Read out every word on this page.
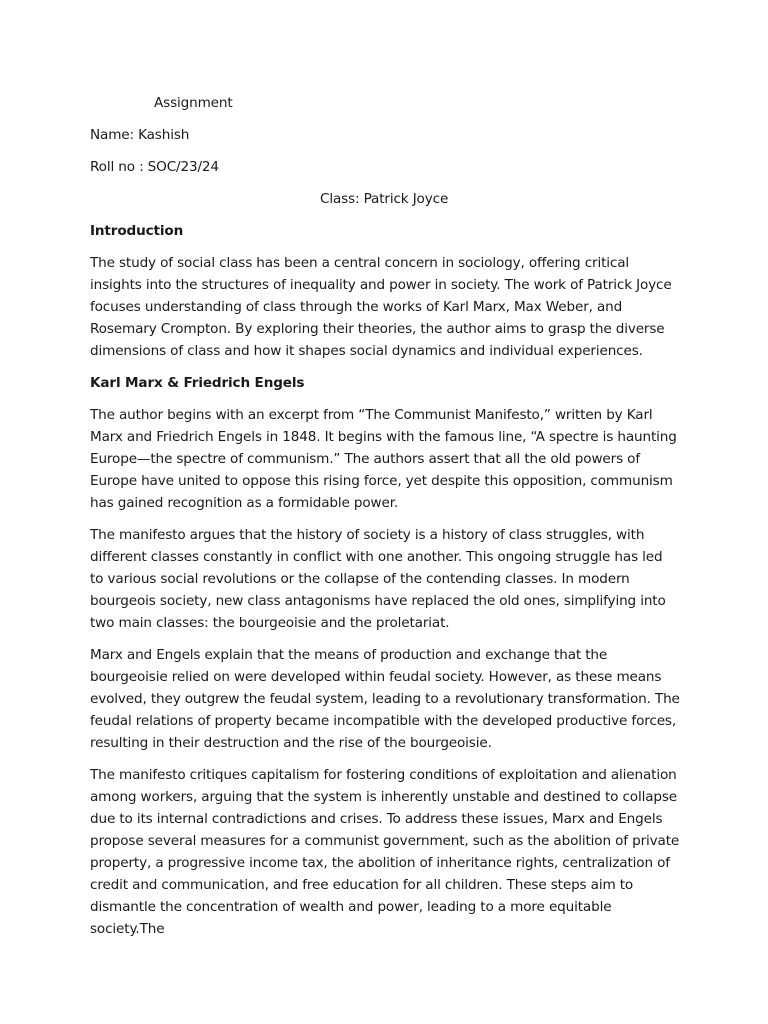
Assignment
Name: Kashish
Roll no : SOC/23/24
Class: Patrick Joyce
Introduction

The study of social class has been a central concern in sociology, offering critical insights into the structures of inequality and power in society. The work of Patrick Joyce focuses understanding of class through the works of Karl Marx, Max Weber, and Rosemary Crompton. By exploring their theories, the author aims to grasp the diverse dimensions of class and how it shapes social dynamics and individual experiences.

Karl Marx & Friedrich Engels

The author begins with an excerpt from “The Communist Manifesto,” written by Karl Marx and Friedrich Engels in 1848. It begins with the famous line, “A spectre is haunting Europe—the spectre of communism.” The authors assert that all the old powers of Europe have united to oppose this rising force, yet despite this opposition, communism has gained recognition as a formidable power.

The manifesto argues that the history of society is a history of class struggles, with different classes constantly in conflict with one another. This ongoing struggle has led to various social revolutions or the collapse of the contending classes. In modern bourgeois society, new class antagonisms have replaced the old ones, simplifying into two main classes: the bourgeoisie and the proletariat.

Marx and Engels explain that the means of production and exchange that the bourgeoisie relied on were developed within feudal society. However, as these means evolved, they outgrew the feudal system, leading to a revolutionary transformation. The feudal relations of property became incompatible with the developed productive forces, resulting in their destruction and the rise of the bourgeoisie.

The manifesto critiques capitalism for fostering conditions of exploitation and alienation among workers, arguing that the system is inherently unstable and destined to collapse due to its internal contradictions and crises. To address these issues, Marx and Engels propose several measures for a communist government, such as the abolition of private property, a progressive income tax, the abolition of inheritance rights, centralization of credit and communication, and free education for all children. These steps aim to dismantle the concentration of wealth and power, leading to a more equitable society.The
